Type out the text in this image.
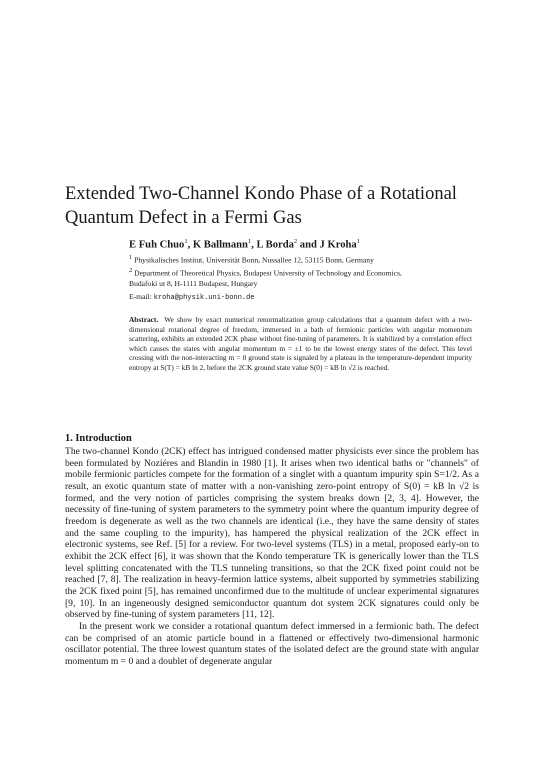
Extended Two-Channel Kondo Phase of a Rotational Quantum Defect in a Fermi Gas

E Fuh Chuo$^1$, K Ballmann$^1$, L Borda$^2$ and J Kroha$^1$

$^1$ Physikalisches Institut, Universität Bonn, Nussallee 12, 53115 Bonn, Germany

$^2$ Department of Theoretical Physics, Budapest University of Technology and Economics,

Budafoki ut 8, H-1111 Budapest, Hungary

E-mail: kroha@physik.uni-bonn.de

Abstract. We show by exact numerical renormalization group calculations that a quantum defect with a two-dimensional rotational degree of freedom, immersed in a bath of fermionic particles with angular momentum scattering, exhibits an extended 2CK phase without fine-tuning of parameters. It is stabilized by a correlation effect which causes the states with angular momentum m = ±1 to be the lowest energy states of the defect. This level crossing with the non-interacting m = 0 ground state is signaled by a plateau in the temperature-dependent impurity entropy at S(T) = kB ln 2, before the 2CK ground state value S(0) = kB ln √2 is reached.

1. Introduction

The two-channel Kondo (2CK) effect has intrigued condensed matter physicists ever since the problem has been formulated by Noziéres and Blandin in 1980 [1]. It arises when two identical baths or "channels" of mobile fermionic particles compete for the formation of a singlet with a quantum impurity spin S=1/2. As a result, an exotic quantum state of matter with a non-vanishing zero-point entropy of S(0) = kB ln √2 is formed, and the very notion of particles comprising the system breaks down [2, 3, 4]. However, the necessity of fine-tuning of system parameters to the symmetry point where the quantum impurity degree of freedom is degenerate as well as the two channels are identical (i.e., they have the same density of states and the same coupling to the impurity), has hampered the physical realization of the 2CK effect in electronic systems, see Ref. [5] for a review. For two-level systems (TLS) in a metal, proposed early-on to exhibit the 2CK effect [6], it was shown that the Kondo temperature TK is generically lower than the TLS level splitting concatenated with the TLS tunneling transitions, so that the 2CK fixed point could not be reached [7, 8]. The realization in heavy-fermion lattice systems, albeit supported by symmetries stabilizing the 2CK fixed point [5], has remained unconfirmed due to the multitude of unclear experimental signatures [9, 10]. In an ingeneously designed semiconductor quantum dot system 2CK signatures could only be observed by fine-tuning of system parameters [11, 12].

In the present work we consider a rotational quantum defect immersed in a fermionic bath. The defect can be comprised of an atomic particle bound in a flattened or effectively two-dimensional harmonic oscillator potential. The three lowest quantum states of the isolated defect are the ground state with angular momentum m = 0 and a doublet of degenerate angular
